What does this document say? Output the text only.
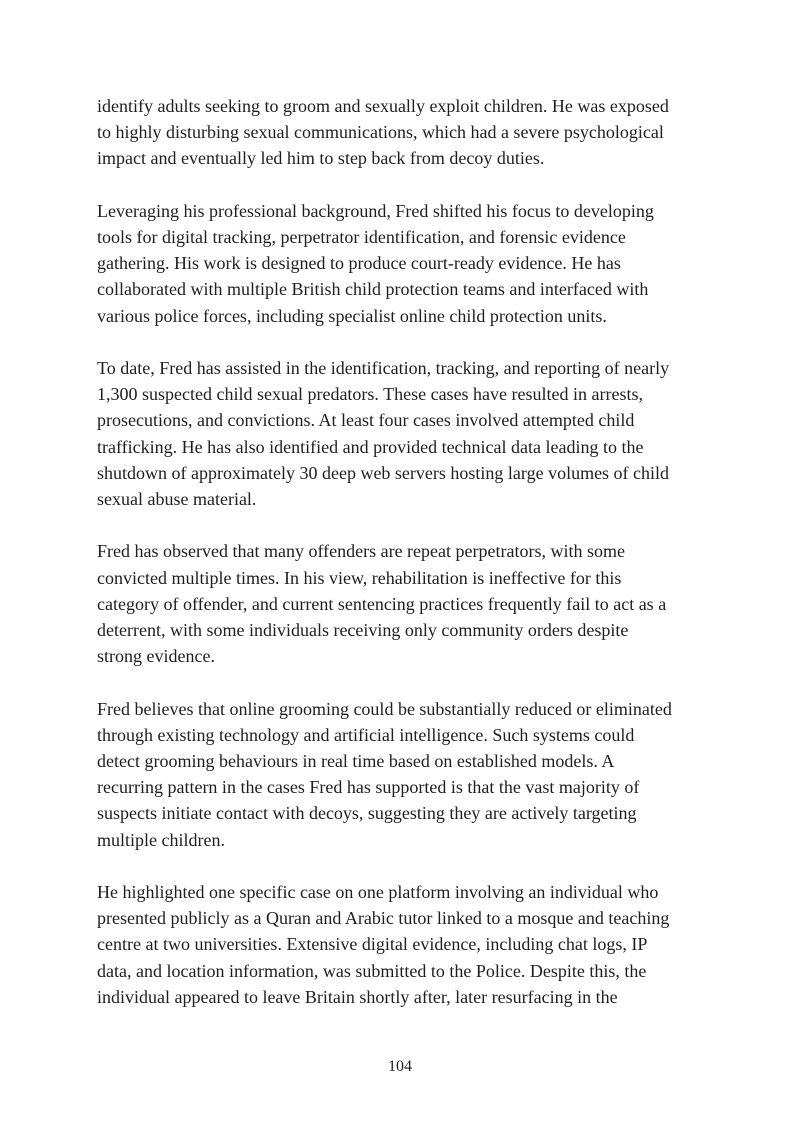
identify adults seeking to groom and sexually exploit children. He was exposed
to highly disturbing sexual communications, which had a severe psychological
impact and eventually led him to step back from decoy duties.

Leveraging his professional background, Fred shifted his focus to developing
tools for digital tracking, perpetrator identification, and forensic evidence
gathering. His work is designed to produce court-ready evidence. He has
collaborated with multiple British child protection teams and interfaced with
various police forces, including specialist online child protection units.

To date, Fred has assisted in the identification, tracking, and reporting of nearly
1,300 suspected child sexual predators. These cases have resulted in arrests,
prosecutions, and convictions. At least four cases involved attempted child
trafficking. He has also identified and provided technical data leading to the
shutdown of approximately 30 deep web servers hosting large volumes of child
sexual abuse material.

Fred has observed that many offenders are repeat perpetrators, with some
convicted multiple times. In his view, rehabilitation is ineffective for this
category of offender, and current sentencing practices frequently fail to act as a
deterrent, with some individuals receiving only community orders despite
strong evidence.

Fred believes that online grooming could be substantially reduced or eliminated
through existing technology and artificial intelligence. Such systems could
detect grooming behaviours in real time based on established models. A
recurring pattern in the cases Fred has supported is that the vast majority of
suspects initiate contact with decoys, suggesting they are actively targeting
multiple children.

He highlighted one specific case on one platform involving an individual who
presented publicly as a Quran and Arabic tutor linked to a mosque and teaching
centre at two universities. Extensive digital evidence, including chat logs, IP
data, and location information, was submitted to the Police. Despite this, the
individual appeared to leave Britain shortly after, later resurfacing in the

104
